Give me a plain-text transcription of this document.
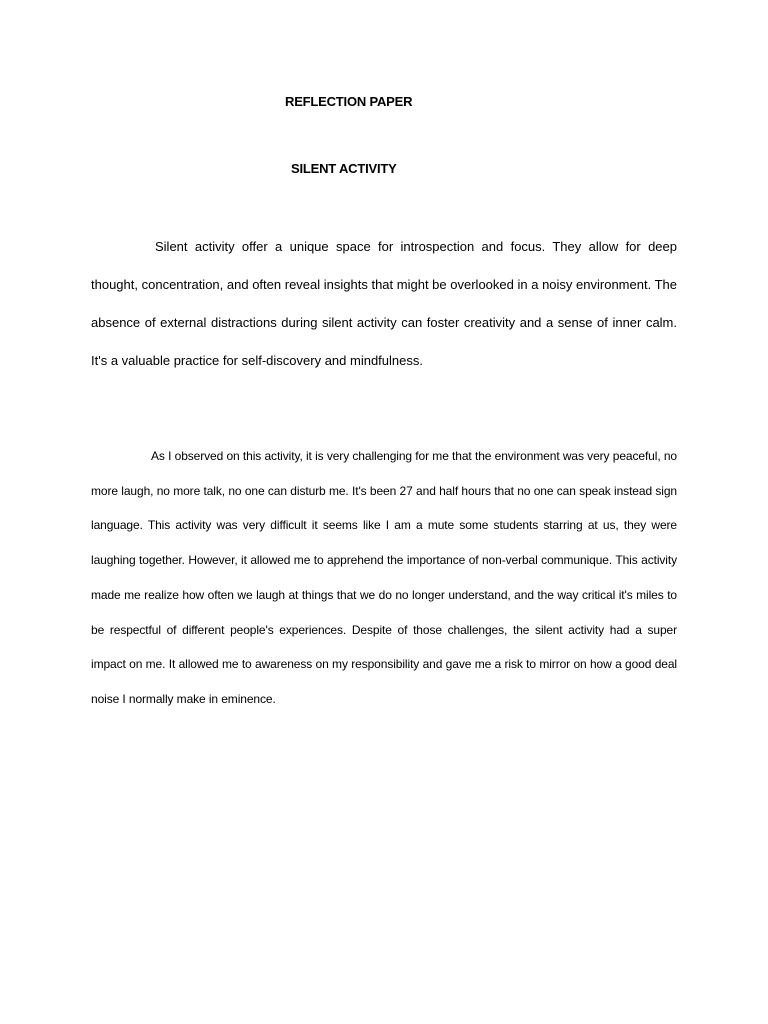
REFLECTION PAPER
SILENT ACTIVITY

Silent activity offer a unique space for introspection and focus. They allow for deep thought, concentration, and often reveal insights that might be overlooked in a noisy environment. The absence of external distractions during silent activity can foster creativity and a sense of inner calm. It's a valuable practice for self-discovery and mindfulness.

As I observed on this activity, it is very challenging for me that the environment was very peaceful, no more laugh, no more talk, no one can disturb me. It's been 27 and half hours that no one can speak instead sign language. This activity was very difficult it seems like I am a mute some students starring at us, they were laughing together. However, it allowed me to apprehend the importance of non-verbal communique. This activity made me realize how often we laugh at things that we do no longer understand, and the way critical it's miles to be respectful of different people's experiences. Despite of those challenges, the silent activity had a super impact on me. It allowed me to awareness on my responsibility and gave me a risk to mirror on how a good deal noise I normally make in eminence.
